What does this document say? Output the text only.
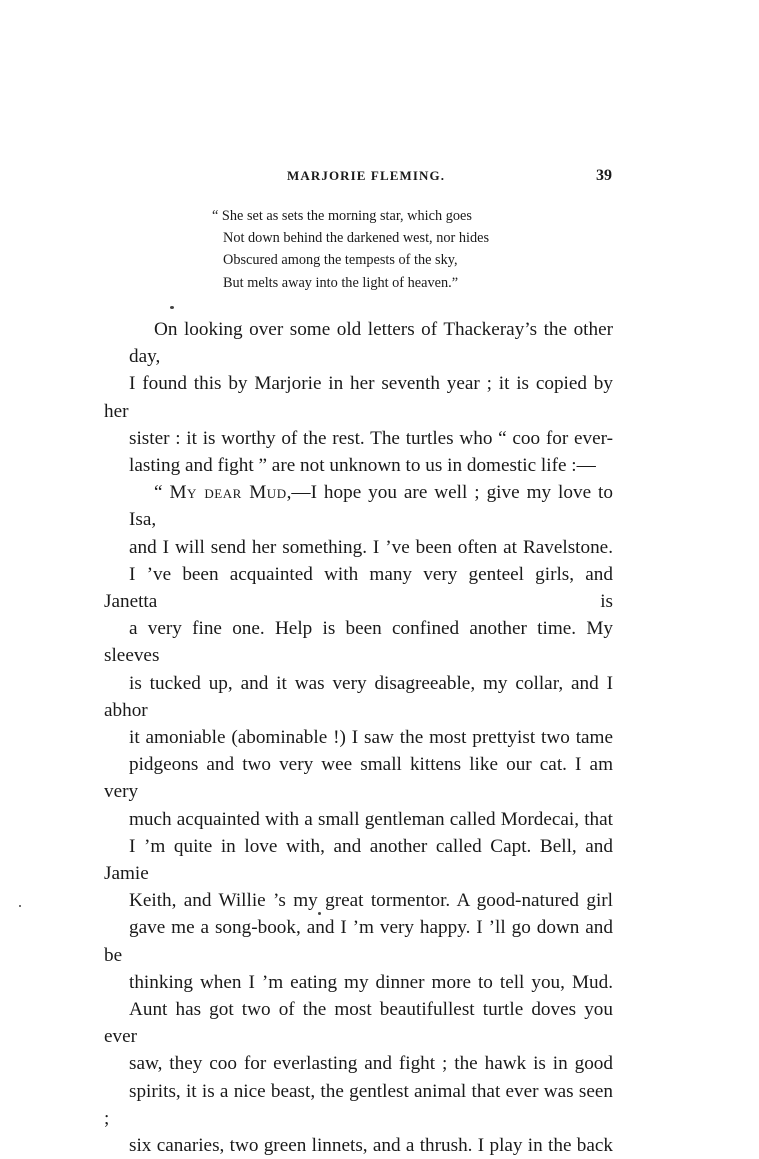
MARJORIE FLEMING.	39
“ She set as sets the morning star, which goes
Not down behind the darkened west, nor hides
Obscured among the tempests of the sky,
But melts away into the light of heaven.”

On looking over some old letters of Thackeray’s the other day,
I found this by Marjorie in her seventh year ; it is copied by her
sister : it is worthy of the rest. The turtles who “ coo for ever-
lasting and fight ” are not unknown to us in domestic life :—

“ My dear Mud,—I hope you are well ; give my love to Isa,
and I will send her something. I ’ve been often at Ravelstone.
I ’ve been acquainted with many very genteel girls, and Janetta is
a very fine one. Help is been confined another time. My sleeves
is tucked up, and it was very disagreeable, my collar, and I abhor
it amoniable (abominable !) I saw the most prettyist two tame
pidgeons and two very wee small kittens like our cat. I am very
much acquainted with a small gentleman called Mordecai, that
I ’m quite in love with, and another called Capt. Bell, and Jamie
Keith, and Willie ’s my great tormentor. A good-natured girl
gave me a song-book, and I ’m very happy. I ’ll go down and be
thinking when I ’m eating my dinner more to tell you, Mud.
Aunt has got two of the most beautifullest turtle doves you ever
saw, they coo for everlasting and fight ; the hawk is in good
spirits, it is a nice beast, the gentlest animal that ever was seen ;
six canaries, two green linnets, and a thrush. I play in the back
